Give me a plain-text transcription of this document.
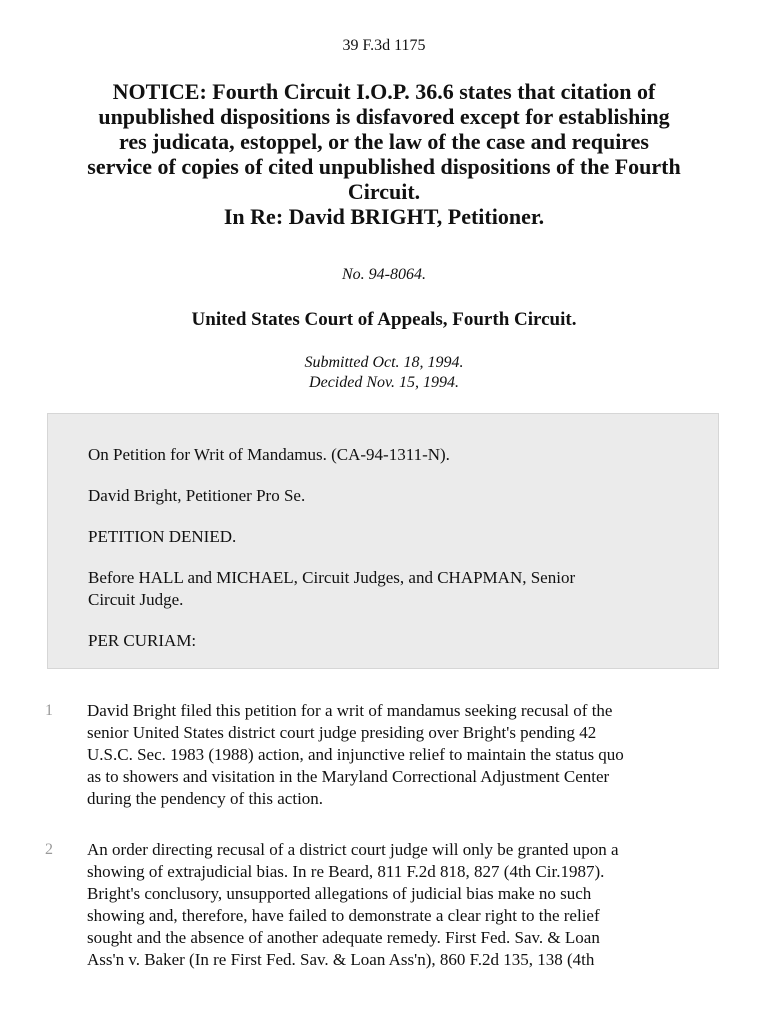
39 F.3d 1175
NOTICE: Fourth Circuit I.O.P. 36.6 states that citation of
unpublished dispositions is disfavored except for establishing
res judicata, estoppel, or the law of the case and requires
service of copies of cited unpublished dispositions of the Fourth
Circuit.
In Re: David BRIGHT, Petitioner.
No. 94-8064.
United States Court of Appeals, Fourth Circuit.
Submitted Oct. 18, 1994.
Decided Nov. 15, 1994.

On Petition for Writ of Mandamus. (CA-94-1311-N).

David Bright, Petitioner Pro Se.

PETITION DENIED.

Before HALL and MICHAEL, Circuit Judges, and CHAPMAN, Senior
Circuit Judge.

PER CURIAM:

1	David Bright filed this petition for a writ of mandamus seeking recusal of the
senior United States district court judge presiding over Bright's pending 42
U.S.C. Sec. 1983 (1988) action, and injunctive relief to maintain the status quo
as to showers and visitation in the Maryland Correctional Adjustment Center
during the pendency of this action.

2	An order directing recusal of a district court judge will only be granted upon a
showing of extrajudicial bias. In re Beard, 811 F.2d 818, 827 (4th Cir.1987).
Bright's conclusory, unsupported allegations of judicial bias make no such
showing and, therefore, have failed to demonstrate a clear right to the relief
sought and the absence of another adequate remedy. First Fed. Sav. & Loan
Ass'n v. Baker (In re First Fed. Sav. & Loan Ass'n), 860 F.2d 135, 138 (4th
